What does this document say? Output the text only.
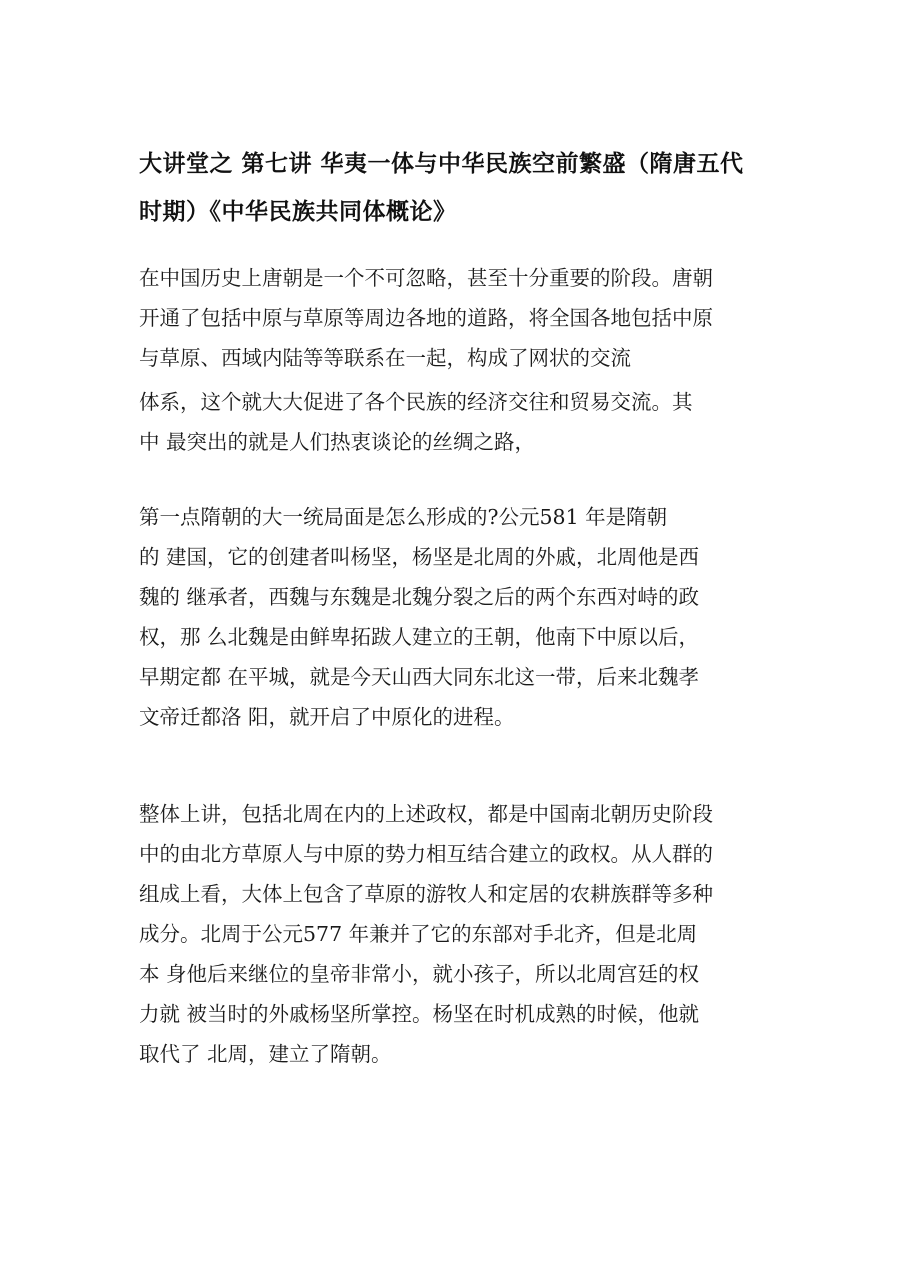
大讲堂之 第七讲 华夷一体与中华民族空前繁盛（隋唐五代
时期）《中华民族共同体概论》

在中国历史上唐朝是一个不可忽略，甚至十分重要的阶段。唐朝
开通了包括中原与草原等周边各地的道路，将全国各地包括中原
与草原、西域内陆等等联系在一起，构成了网状的交流
体系，这个就大大促进了各个民族的经济交往和贸易交流。其
中 最突出的就是人们热衷谈论的丝绸之路，

第一点隋朝的大一统局面是怎么形成的?公元581 年是隋朝
的 建国，它的创建者叫杨坚，杨坚是北周的外戚，北周他是西
魏的 继承者，西魏与东魏是北魏分裂之后的两个东西对峙的政
权，那 么北魏是由鲜卑拓跋人建立的王朝，他南下中原以后，
早期定都 在平城，就是今天山西大同东北这一带，后来北魏孝
文帝迁都洛 阳，就开启了中原化的进程。

整体上讲，包括北周在内的上述政权，都是中国南北朝历史阶段
中的由北方草原人与中原的势力相互结合建立的政权。从人群的
组成上看，大体上包含了草原的游牧人和定居的农耕族群等多种
成分。北周于公元577 年兼并了它的东部对手北齐，但是北周
本 身他后来继位的皇帝非常小，就小孩子，所以北周宫廷的权
力就 被当时的外戚杨坚所掌控。杨坚在时机成熟的时候，他就
取代了 北周，建立了隋朝。
